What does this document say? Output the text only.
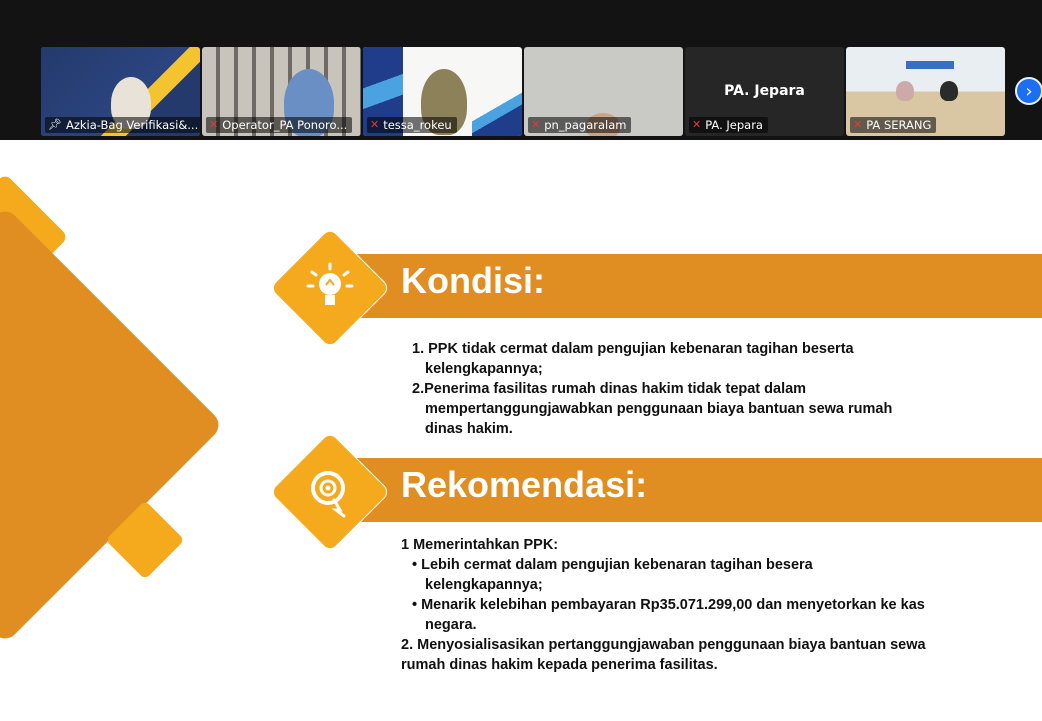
📌︎ Azkia-Bag Verifikasi&... ✕ Operator_PA Ponoro... ✕ tessa_rokeu	✕ pn_pagaralam
PA. Jepara
✕ PA. Jepara	✕ PA SERANG
›
Kondisi:
1. PPK tidak cermat dalam pengujian kebenaran tagihan beserta
kelengkapannya;
2.Penerima fasilitas rumah dinas hakim tidak tepat dalam
mempertanggungjawabkan penggunaan biaya bantuan sewa rumah
dinas hakim.
Rekomendasi:
1 Memerintahkan PPK:
• Lebih cermat dalam pengujian kebenaran tagihan besera
kelengkapannya;
• Menarik kelebihan pembayaran Rp35.071.299,00 dan menyetorkan ke kas
negara.
2. Menyosialisasikan pertanggungjawaban penggunaan biaya bantuan sewa
rumah dinas hakim kepada penerima fasilitas.
